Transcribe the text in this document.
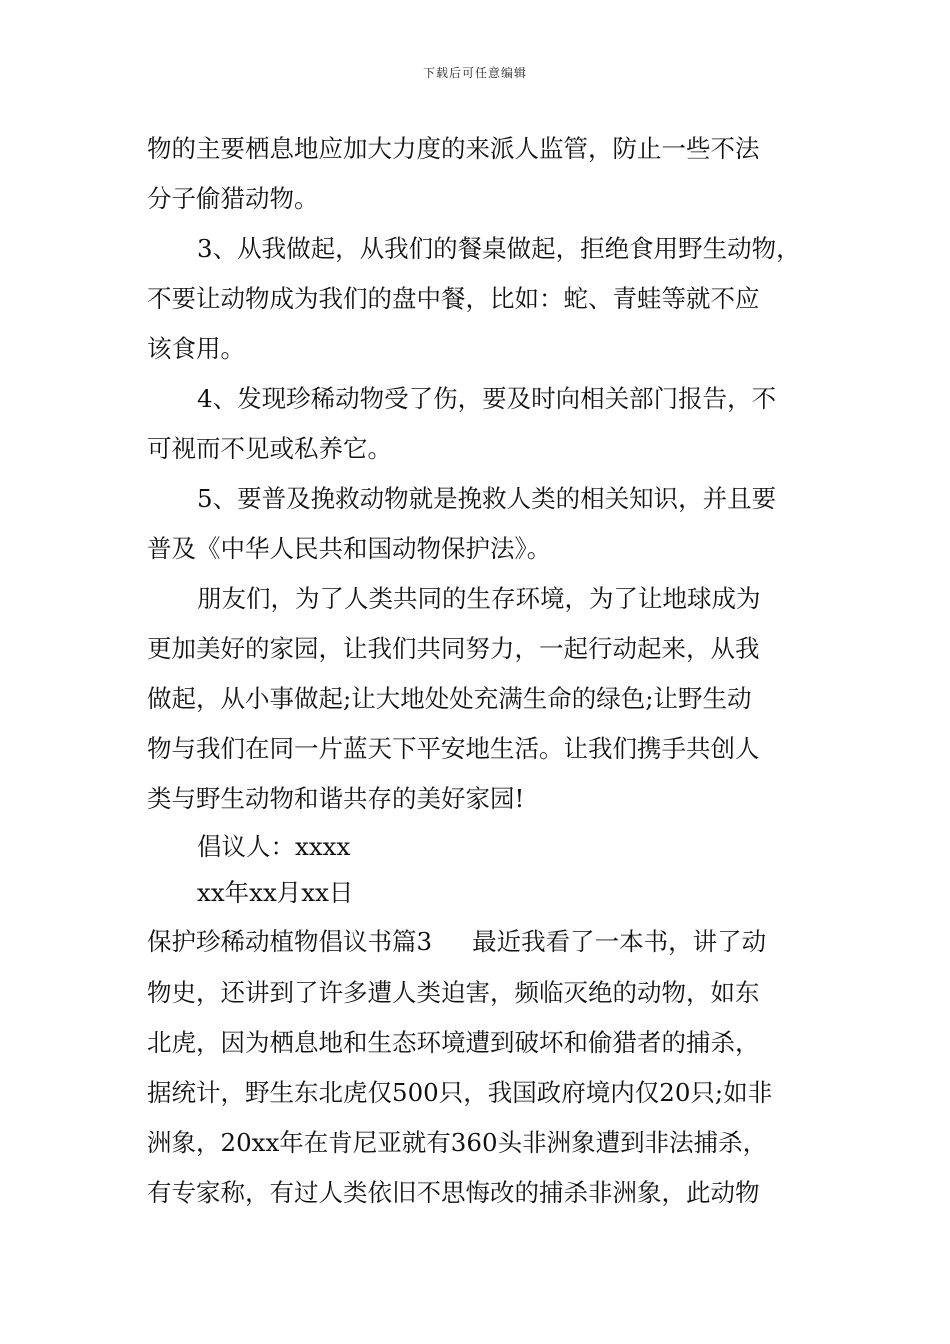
下载后可任意编辑
物的主要栖息地应加大力度的来派人监管，防止一些不法
分子偷猎动物。
3、从我做起，从我们的餐桌做起，拒绝食用野生动物，
不要让动物成为我们的盘中餐，比如：蛇、青蛙等就不应
该食用。
4、发现珍稀动物受了伤，要及时向相关部门报告，不
可视而不见或私养它。
5、要普及挽救动物就是挽救人类的相关知识，并且要
普及《中华人民共和国动物保护法》。
朋友们，为了人类共同的生存环境，为了让地球成为
更加美好的家园，让我们共同努力，一起行动起来，从我
做起，从小事做起;让大地处处充满生命的绿色;让野生动
物与我们在同一片蓝天下平安地生活。让我们携手共创人
类与野生动物和谐共存的美好家园!
倡议人：xxxx
xx年xx月xx日
保护珍稀动植物倡议书篇3 最近我看了一本书，讲了动
物史，还讲到了许多遭人类迫害，频临灭绝的动物，如东
北虎，因为栖息地和生态环境遭到破坏和偷猎者的捕杀，
据统计，野生东北虎仅500只，我国政府境内仅20只;如非
洲象，20xx年在肯尼亚就有360头非洲象遭到非法捕杀，
有专家称，有过人类依旧不思悔改的捕杀非洲象，此动物
